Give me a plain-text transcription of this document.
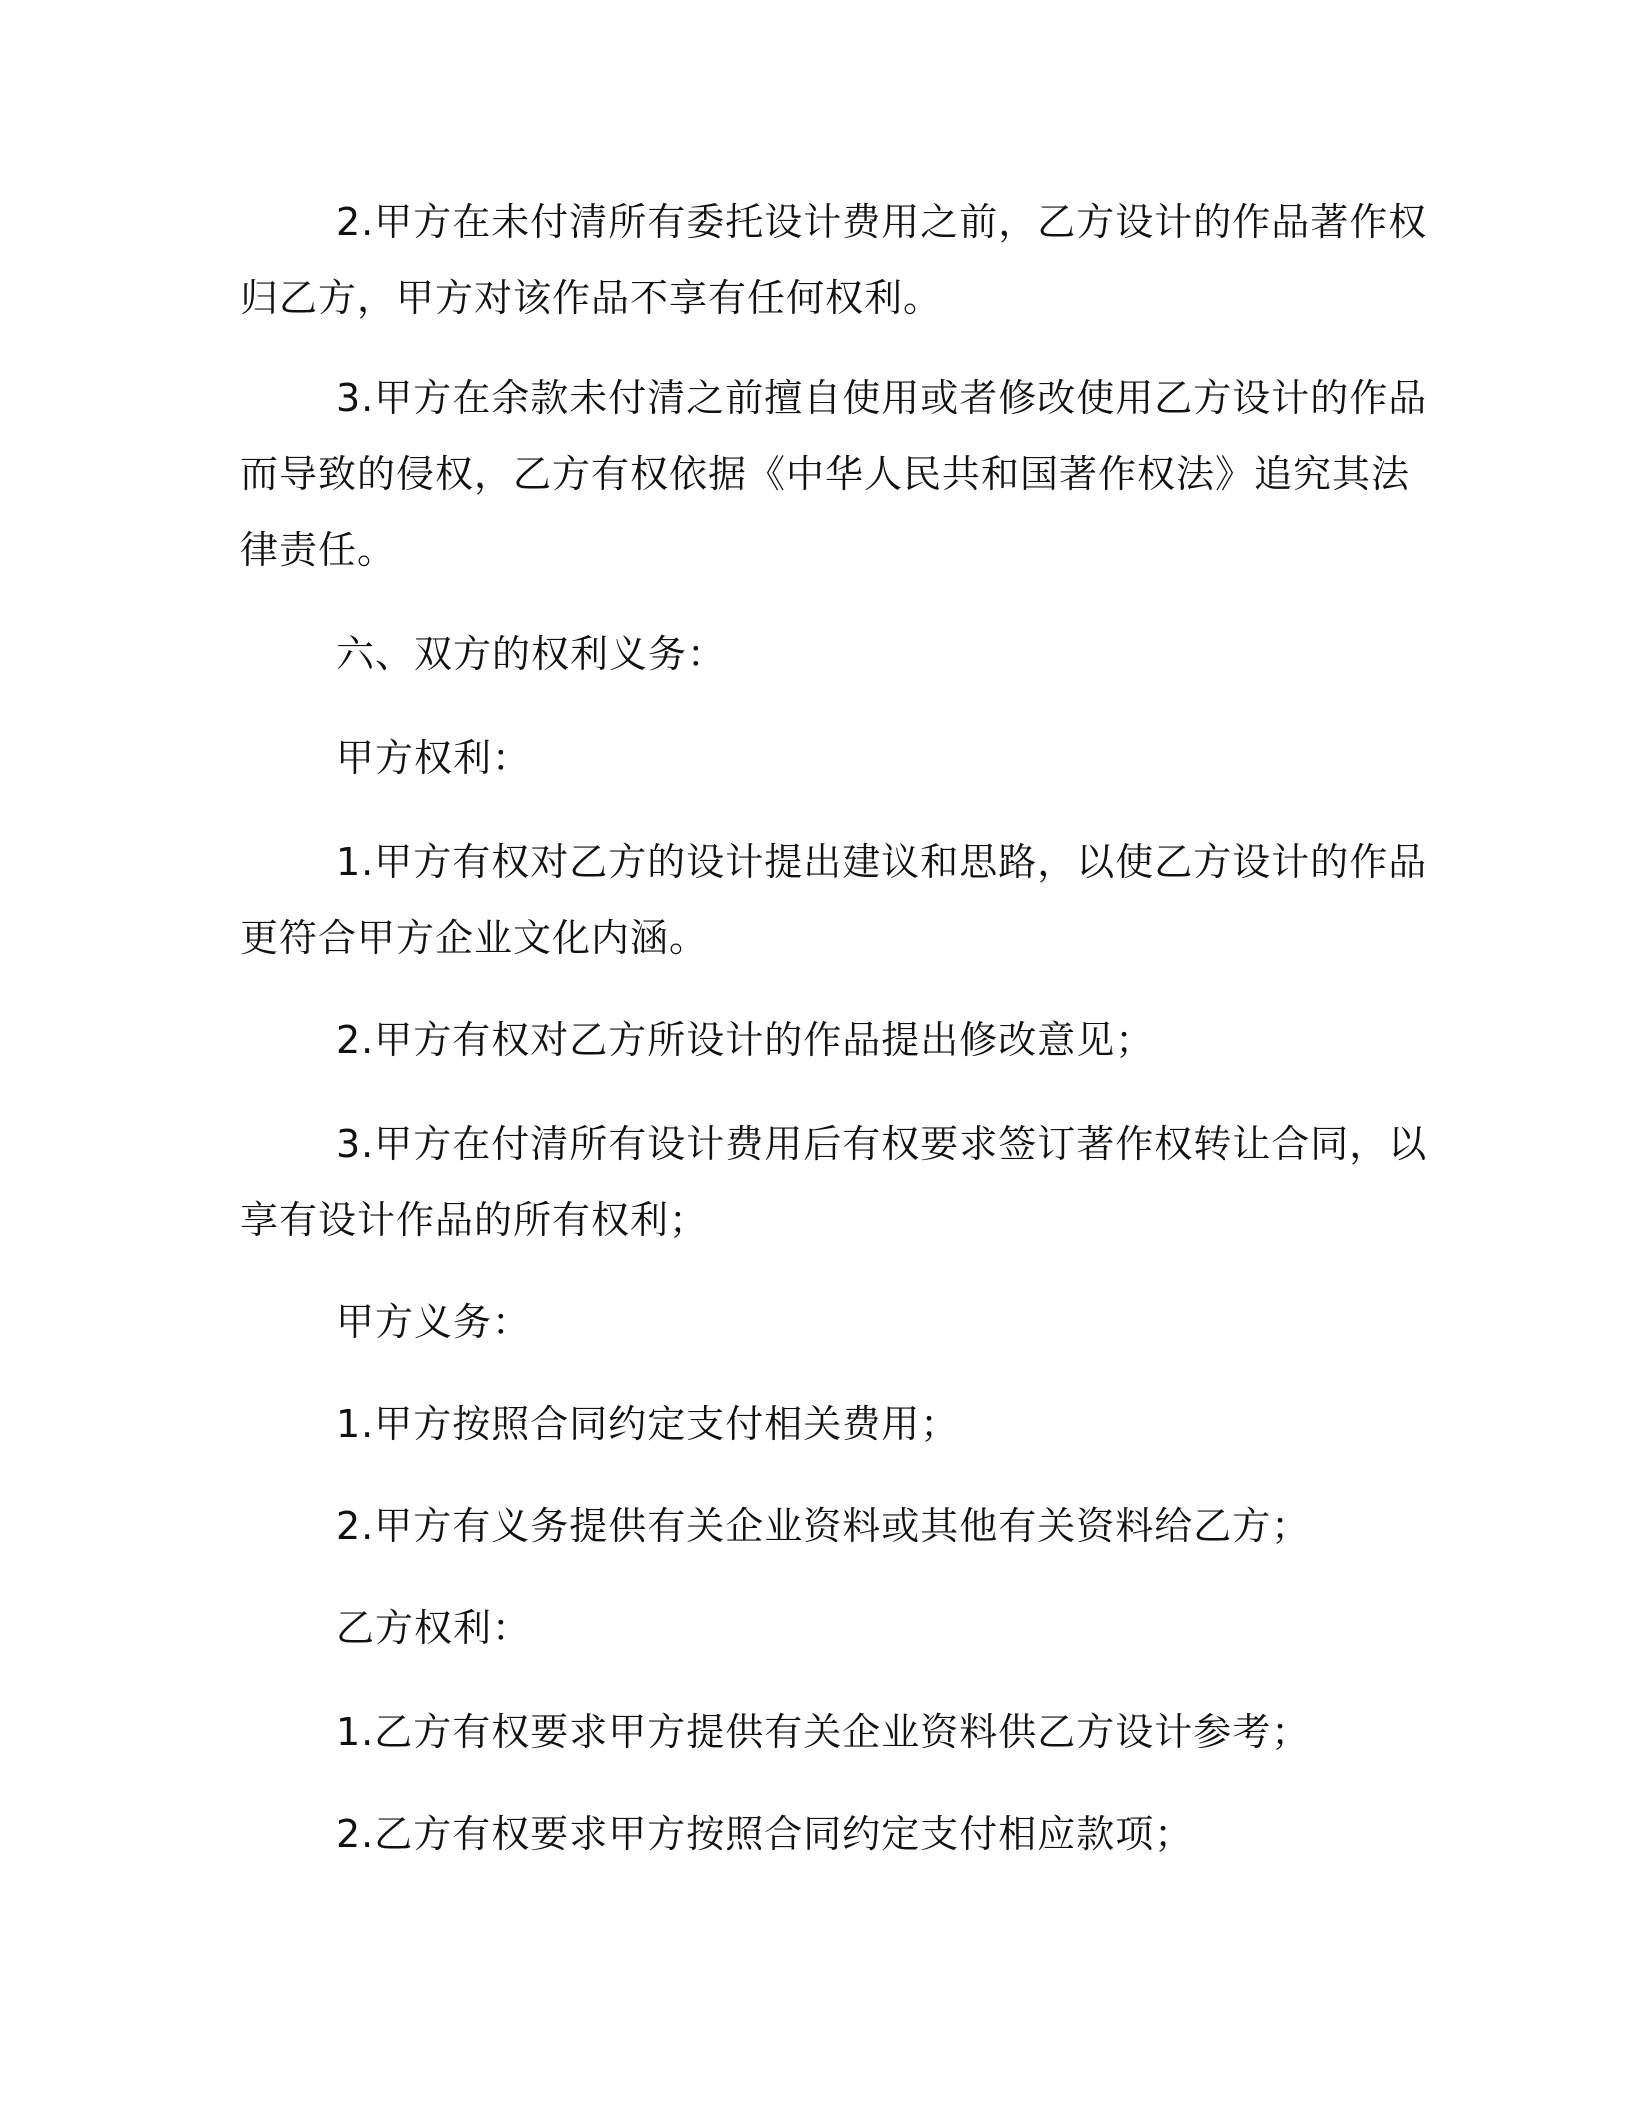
2.甲方在未付清所有委托设计费用之前，乙方设计的作品著作权
归乙方，甲方对该作品不享有任何权利。

3.甲方在余款未付清之前擅自使用或者修改使用乙方设计的作品
而导致的侵权，乙方有权依据《中华人民共和国著作权法》追究其法
律责任。

六、双方的权利义务：

甲方权利：

1.甲方有权对乙方的设计提出建议和思路，以使乙方设计的作品
更符合甲方企业文化内涵。

2.甲方有权对乙方所设计的作品提出修改意见；

3.甲方在付清所有设计费用后有权要求签订著作权转让合同，以
享有设计作品的所有权利；

甲方义务：

1.甲方按照合同约定支付相关费用；

2.甲方有义务提供有关企业资料或其他有关资料给乙方；

乙方权利：

1.乙方有权要求甲方提供有关企业资料供乙方设计参考；

2.乙方有权要求甲方按照合同约定支付相应款项；
